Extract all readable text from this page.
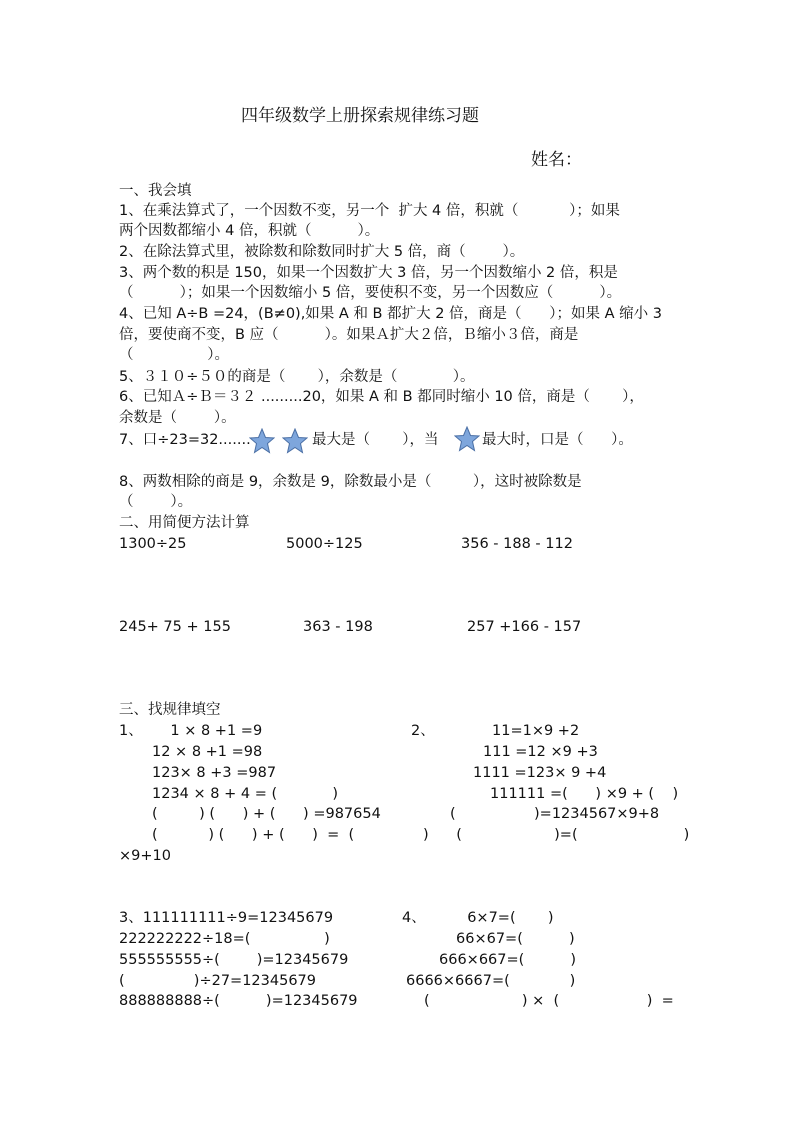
四年级数学上册探索规律练习题
姓名：
一、我会填
1、在乘法算式了，一个因数不变，另一个  扩大 4 倍，积就（           ）；如果
两个因数都缩小 4 倍，积就（          ）。
2、在除法算式里，被除数和除数同时扩大 5 倍，商（        ）。
3、两个数的积是 150，如果一个因数扩大 3 倍，另一个因数缩小 2 倍，积是
（          ）；如果一个因数缩小 5 倍，要使积不变，另一个因数应（          ）。
4、已知 A÷B =24，(B≠0),如果 A 和 B 都扩大 2 倍，商是（      ）；如果 A 缩小 3
倍，要使商不变，B 应（          ）。如果Ａ扩大２倍，Ｂ缩小３倍，商是
（                ）。
5、３１０÷５０的商是（       ），余数是（            ）。
6、已知Ａ÷Ｂ＝３２ .........20，如果 A 和 B 都同时缩小 10 倍，商是（       ），
余数是（        ）。
7、口÷23=32.......	最大是（       ），当	最大时，口是（      ）。
8、两数相除的商是 9，余数是 9，除数最小是（         ），这时被除数是
（        ）。
二、用简便方法计算
1300÷25	5000÷125	356 - 188 - 112
245+ 75 + 155	363 - 198	257 +166 - 157
三、找规律填空
1、      1 × 8 +1 =9
12 × 8 +1 =98
123× 8 +3 =987
1234 × 8 + 4 = (            )
(         ) (      ) + (      ) =987654
(           ) (      ) + (      )  =  (
×9+10
2、	11=1×9 +2
111 =12 ×9 +3
1111 =123× 9 +4
111111 =(      ) ×9 + (    )
(                 )=1234567×9+8
)      (                    )=(                       )
3、111111111÷9=12345679
222222222÷18=(                )
555555555÷(        )=12345679
(               )÷27=12345679
888888888÷(          )=12345679
4、         6×7=(       )
66×67=(          )
666×667=(          )
6666×6667=(             )
(                    ) ×  (                   )  =
